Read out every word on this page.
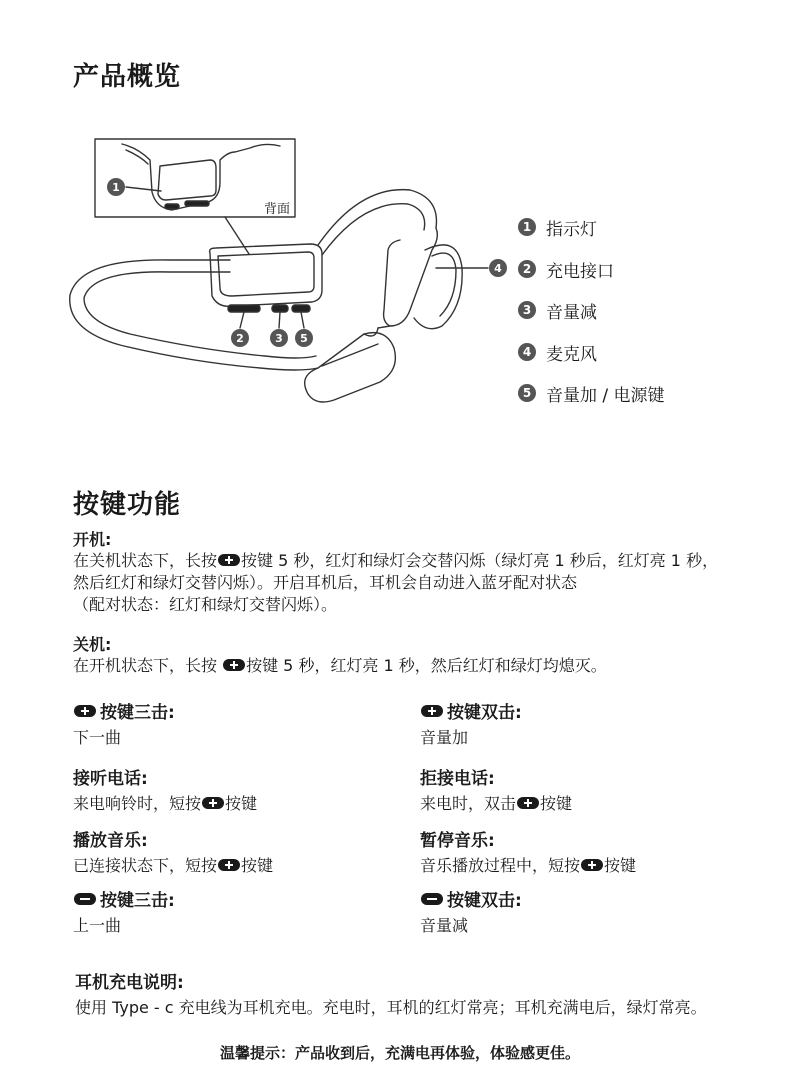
产品概览
1
2	3 5
4
背面
1 指示灯
2 充电接口
3 音量减
4 麦克风
5 音量加 / 电源键
按键功能

开机:

在关机状态下，长按 按键 5 秒，红灯和绿灯会交替闪烁（绿灯亮 1 秒后，红灯亮 1 秒，

然后红灯和绿灯交替闪烁）。开启耳机后，耳机会自动进入蓝牙配对状态

（配对状态：红灯和绿灯交替闪烁）。

关机:

在开机状态下，长按 按键 5 秒，红灯亮 1 秒，然后红灯和绿灯均熄灭。

按键三击:

下一曲

按键双击:

音量加

接听电话:

来电响铃时，短按 按键

拒接电话:

来电时，双击 按键

播放音乐:

已连接状态下，短按 按键

暂停音乐:

音乐播放过程中，短按 按键

按键三击:

上一曲

按键双击:

音量减

耳机充电说明:

使用 Type - c 充电线为耳机充电。充电时，耳机的红灯常亮；耳机充满电后，绿灯常亮。

温馨提示：产品收到后，充满电再体验，体验感更佳。
